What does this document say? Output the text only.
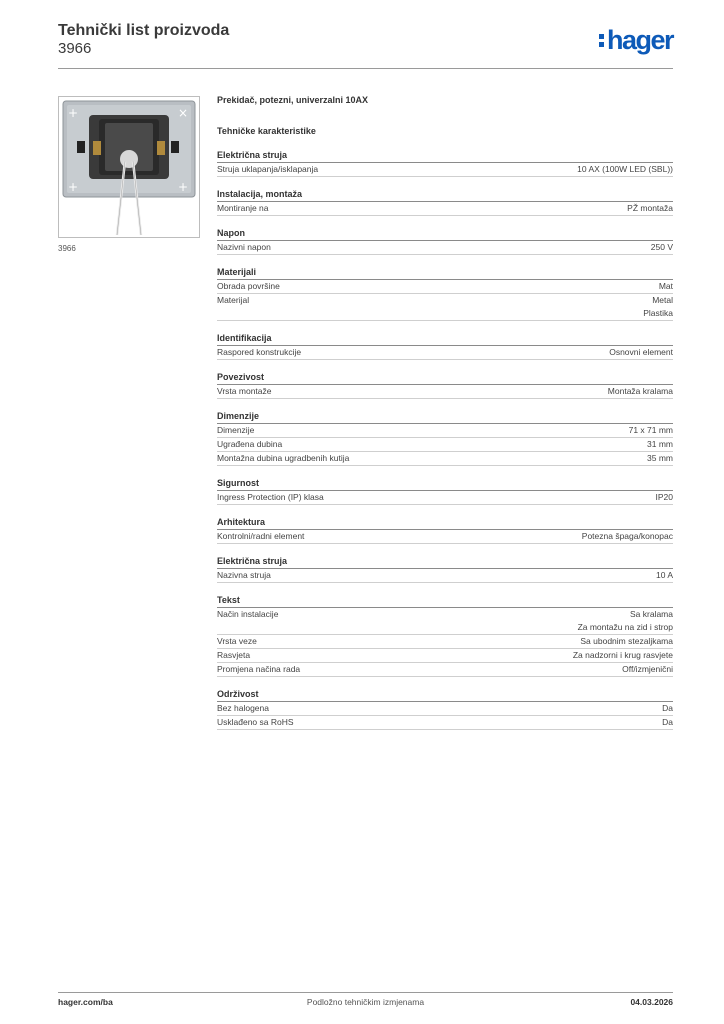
Tehnički list proizvoda
3966	hager
×
+
+
+
3966
Prekidač, potezni, univerzalni 10AX
Tehničke karakteristike
Električna struja
Struja uklapanja/isklapanja	10 AX (100W LED (SBL))
Instalacija, montaža
Montiranje na	PŽ montaža
Napon
Nazivni napon	250 V
Materijali
Obrada površine	Mat
Materijal	Metal
Plastika
Identifikacija
Raspored konstrukcije	Osnovni element
Povezivost
Vrsta montaže	Montaža kralama
Dimenzije
Dimenzije	71 x 71 mm
Ugrađena dubina	31 mm
Montažna dubina ugradbenih kutija	35 mm
Sigurnost
Ingress Protection (IP) klasa	IP20
Arhitektura
Kontrolni/radni element	Potezna špaga/konopac
Električna struja
Nazivna struja	10 A
Tekst
Način instalacije	Sa kralama
Za montažu na zid i strop
Vrsta veze	Sa ubodnim stezaljkama
Rasvjeta	Za nadzorni i krug rasvjete
Promjena načina rada	Off/izmjenični
Održivost
Bez halogena	Da
Usklađeno sa RoHS	Da
hager.com/ba	Podložno tehničkim izmjenama	04.03.2026
